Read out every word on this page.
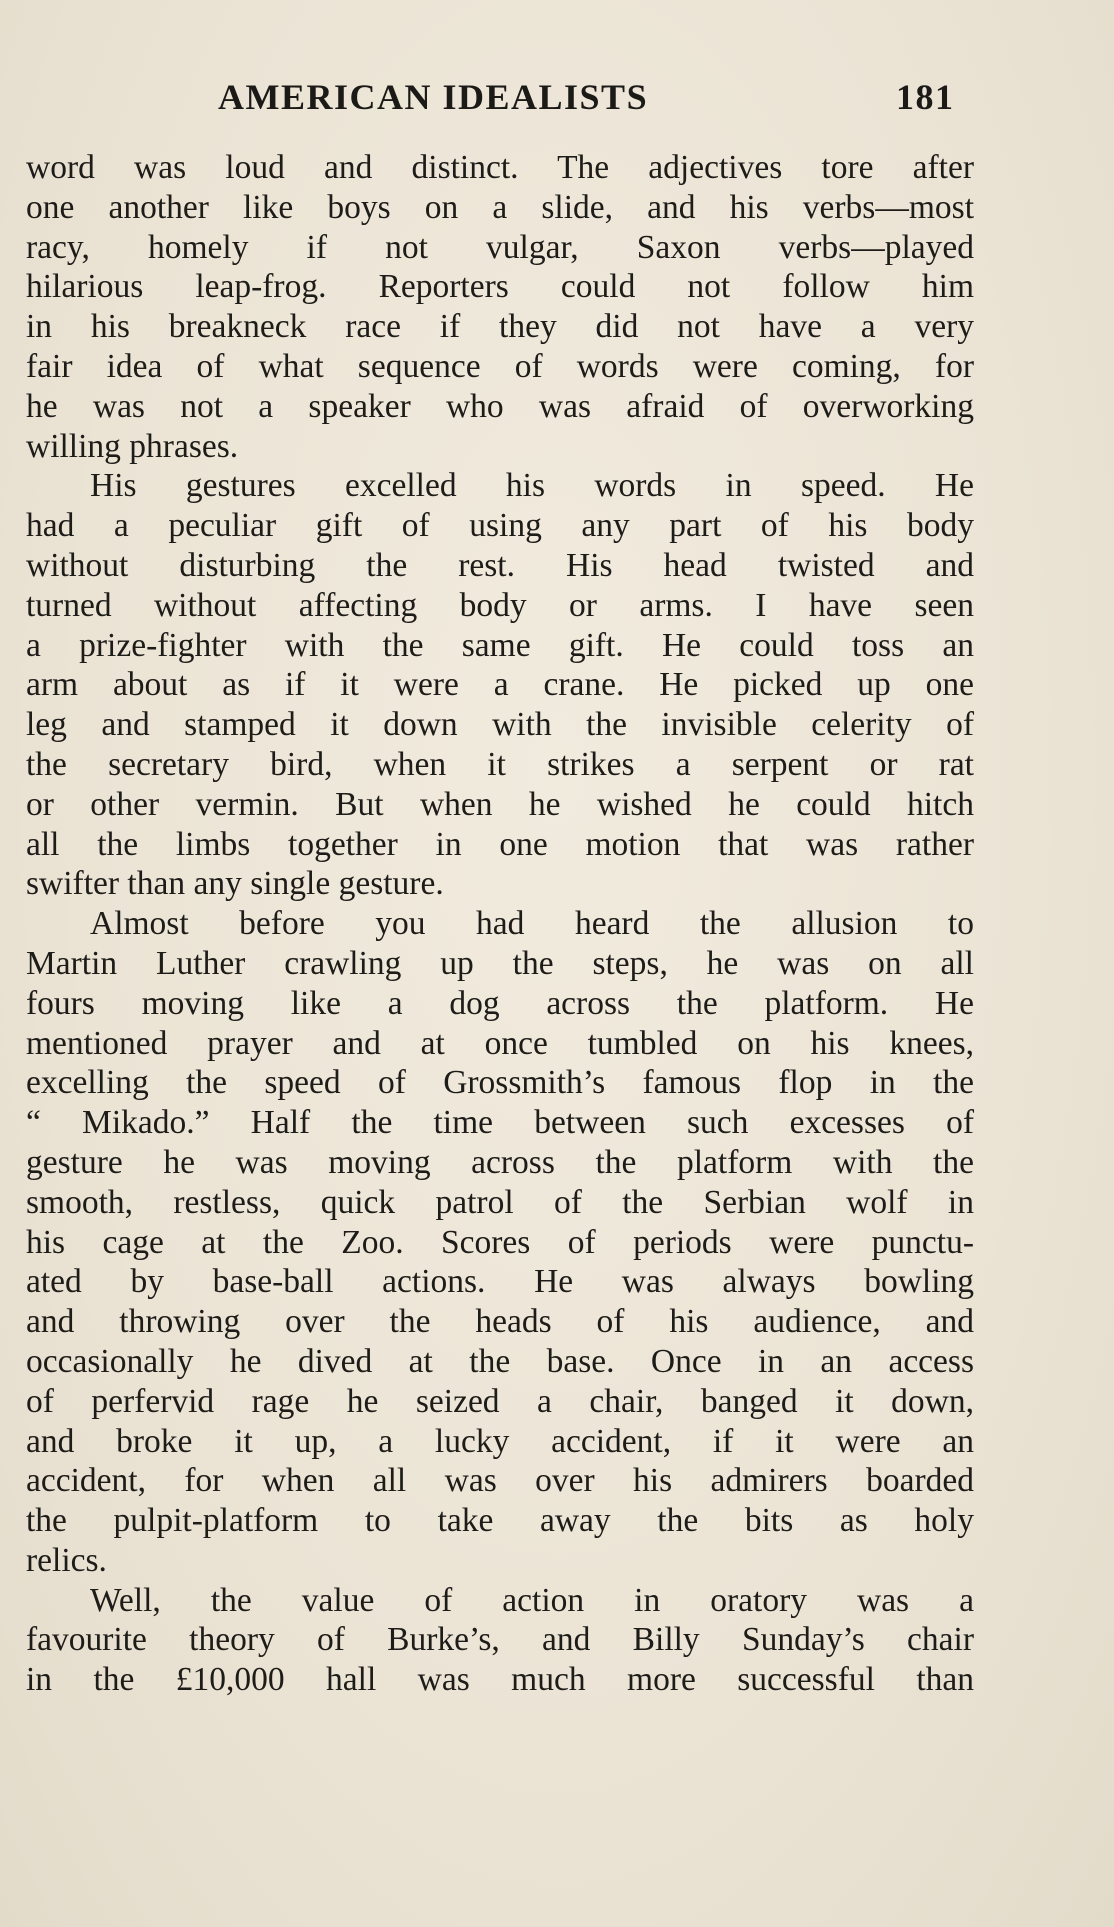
AMERICAN IDEALISTS	181

word was loud and distinct. The adjectives tore after
one another like boys on a slide, and his verbs—most
racy, homely if not vulgar, Saxon verbs—played
hilarious leap-frog. Reporters could not follow him
in his breakneck race if they did not have a very
fair idea of what sequence of words were coming, for
he was not a speaker who was afraid of overworking
willing phrases.

His gestures excelled his words in speed. He
had a peculiar gift of using any part of his body
without disturbing the rest. His head twisted and
turned without affecting body or arms. I have seen
a prize-fighter with the same gift. He could toss an
arm about as if it were a crane. He picked up one
leg and stamped it down with the invisible celerity of
the secretary bird, when it strikes a serpent or rat
or other vermin. But when he wished he could hitch
all the limbs together in one motion that was rather
swifter than any single gesture.

Almost before you had heard the allusion to
Martin Luther crawling up the steps, he was on all
fours moving like a dog across the platform. He
mentioned prayer and at once tumbled on his knees,
excelling the speed of Grossmith’s famous flop in the
“ Mikado.” Half the time between such excesses of
gesture he was moving across the platform with the
smooth, restless, quick patrol of the Serbian wolf in
his cage at the Zoo. Scores of periods were punctu-
ated by base-ball actions. He was always bowling
and throwing over the heads of his audience, and
occasionally he dived at the base. Once in an access
of perfervid rage he seized a chair, banged it down,
and broke it up, a lucky accident, if it were an
accident, for when all was over his admirers boarded
the pulpit-platform to take away the bits as holy
relics.

Well, the value of action in oratory was a
favourite theory of Burke’s, and Billy Sunday’s chair
in the £10,000 hall was much more successful than
